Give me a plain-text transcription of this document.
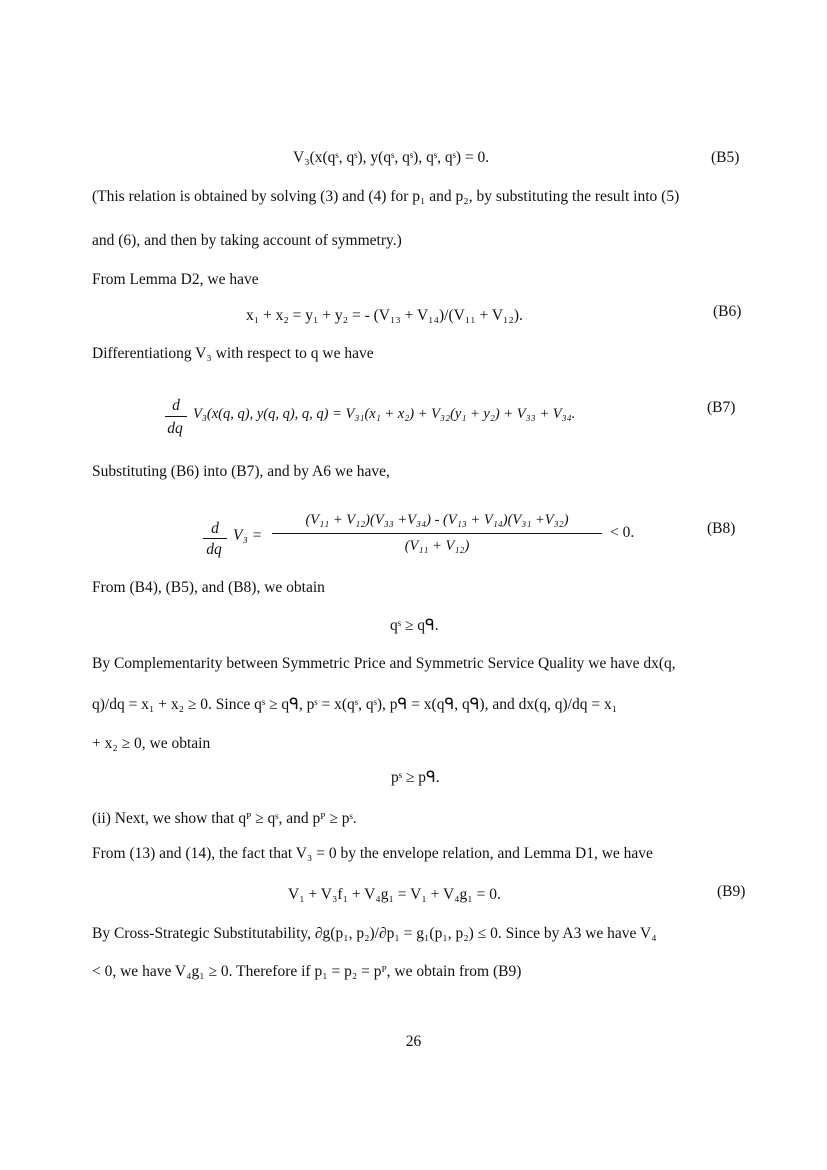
V₃(x(qˢ, qˢ), y(qˢ, qˢ), qˢ, qˢ) = 0.	(B5)
(This relation is obtained by solving (3) and (4) for p₁ and p₂, by substituting the result into (5)
and (6), and then by taking account of symmetry.)
From Lemma D2, we have
x₁ + x₂ = y₁ + y₂ = - (V₁₃ + V₁₄)/(V₁₁ + V₁₂).	(B6)
Differentiationg V₃ with respect to q we have
d
dq
V₃(x(q, q), y(q, q), q, q) = V₃₁(x₁ + x₂) + V₃₂(y₁ + y₂) + V₃₃ + V₃₄.	(B7)
Substituting (B6) into (B7), and by A6 we have,
d
dq
V₃ =
(V₁₁ + V₁₂)(V₃₃ +V₃₄) - (V₁₃ + V₁₄)(V₃₁ +V₃₂)
(V₁₁ + V₁₂)
< 0.	(B8)
From (B4), (B5), and (B8), we obtain
qˢ ≥ qᑫ.
By Complementarity between Symmetric Price and Symmetric Service Quality we have dx(q,
q)/dq = x₁ + x₂ ≥ 0. Since qˢ ≥ qᑫ, pˢ = x(qˢ, qˢ), pᑫ = x(qᑫ, qᑫ), and dx(q, q)/dq = x₁
+ x₂ ≥ 0, we obtain
pˢ ≥ pᑫ.
(ii) Next, we show that qᴾ ≥ qˢ, and pᴾ ≥ pˢ.
From (13) and (14), the fact that V₃ = 0 by the envelope relation, and Lemma D1, we have
V₁ + V₃f₁ + V₄g₁ = V₁ + V₄g₁ = 0.	(B9)
By Cross-Strategic Substitutability, ∂g(p₁, p₂)/∂p₁ = g₁(p₁, p₂) ≤ 0. Since by A3 we have V₄
< 0, we have V₄g₁ ≥ 0. Therefore if p₁ = p₂ = pᴾ, we obtain from (B9)
26
